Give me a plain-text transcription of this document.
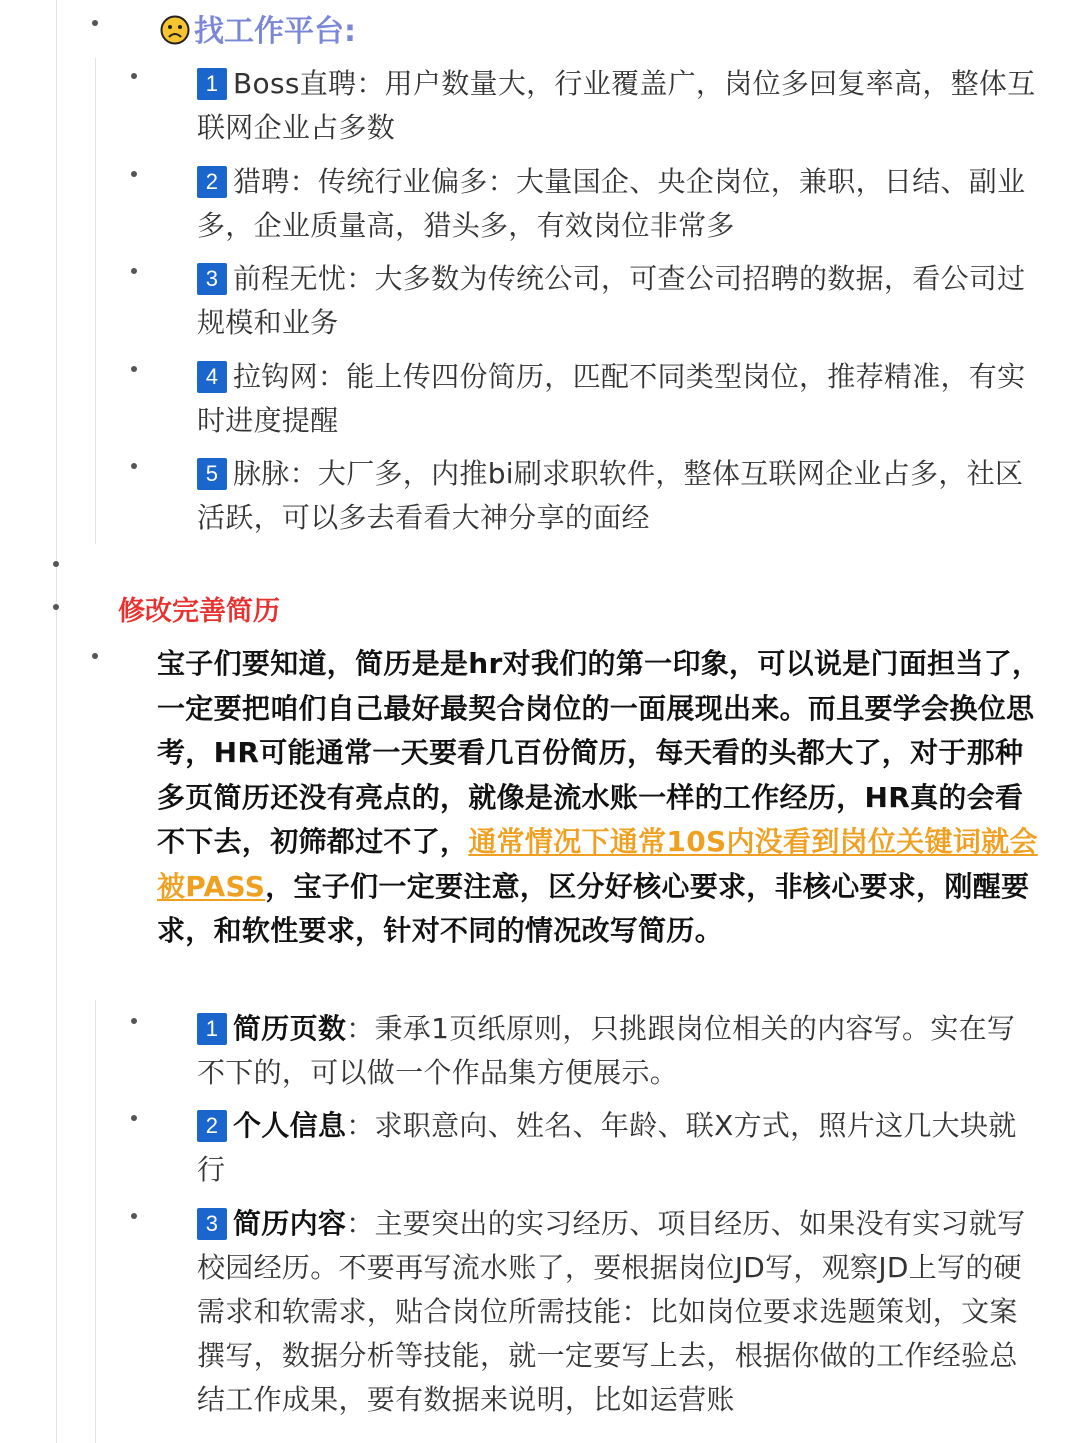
找工作平台:
1 Boss直聘：用户数量大，行业覆盖广，岗位多回复率高，整体互联网企业占多数
2 猎聘：传统行业偏多：大量国企、央企岗位，兼职，日结、副业多，企业质量高，猎头多，有效岗位非常多
3 前程无忧：大多数为传统公司，可查公司招聘的数据，看公司过规模和业务
4 拉钩网：能上传四份简历，匹配不同类型岗位，推荐精准，有实时进度提醒
5 脉脉：大厂多，内推bi刷求职软件，整体互联网企业占多，社区活跃，可以多去看看大神分享的面经
修改完善简历
宝子们要知道，简历是是hr对我们的第一印象，可以说是门面担当了，一定要把咱们自己最好最契合岗位的一面展现出来。而且要学会换位思考，HR可能通常一天要看几百份简历，每天看的头都大了，对于那种多页简历还没有亮点的，就像是流水账一样的工作经历，HR真的会看不下去，初筛都过不了，通常情况下通常10S内没看到岗位关键词就会被PASS，宝子们一定要注意，区分好核心要求，非核心要求，刚醒要求，和软性要求，针对不同的情况改写简历。
1 简历页数：秉承1页纸原则，只挑跟岗位相关的内容写。实在写不下的，可以做一个作品集方便展示。
2 个人信息：求职意向、姓名、年龄、联X方式，照片这几大块就行
3 简历内容：主要突出的实习经历、项目经历、如果没有实习就写校园经历。不要再写流水账了，要根据岗位JD写，观察JD上写的硬需求和软需求，贴合岗位所需技能：比如岗位要求选题策划，文案撰写，数据分析等技能，就一定要写上去，根据你做的工作经验总结工作成果，要有数据来说明，比如运营账
